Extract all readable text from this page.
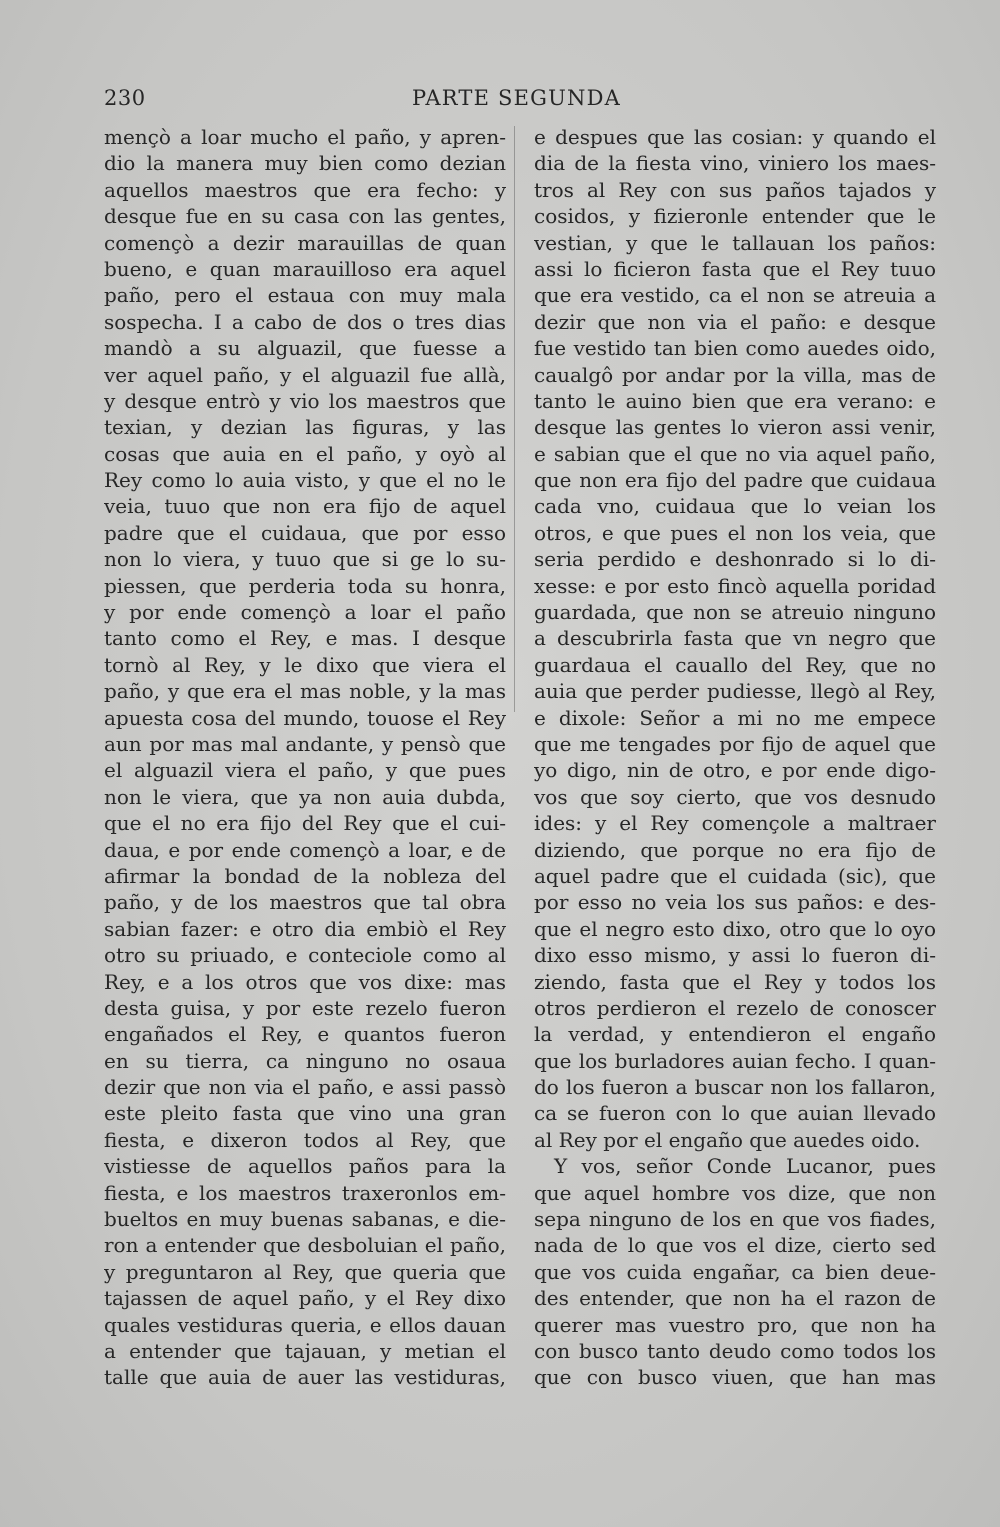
230	PARTE SEGUNDA
mençò a loar mucho el paño, y apren-
dio la manera muy bien como dezian
aquellos maestros que era fecho: y
desque fue en su casa con las gentes,
començò a dezir marauillas de quan
bueno, e quan marauilloso era aquel
paño, pero el estaua con muy mala
sospecha. I a cabo de dos o tres dias
mandò a su alguazil, que fuesse a
ver aquel paño, y el alguazil fue allà,
y desque entrò y vio los maestros que
texian, y dezian las figuras, y las
cosas que auia en el paño, y oyò al
Rey como lo auia visto, y que el no le
veia, tuuo que non era fijo de aquel
padre que el cuidaua, que por esso
non lo viera, y tuuo que si ge lo su-
piessen, que perderia toda su honra,
y por ende començò a loar el paño
tanto como el Rey, e mas. I desque
tornò al Rey, y le dixo que viera el
paño, y que era el mas noble, y la mas
apuesta cosa del mundo, touose el Rey
aun por mas mal andante, y pensò que
el alguazil viera el paño, y que pues
non le viera, que ya non auia dubda,
que el no era fijo del Rey que el cui-
daua, e por ende començò a loar, e de
afirmar la bondad de la nobleza del
paño, y de los maestros que tal obra
sabian fazer: e otro dia embiò el Rey
otro su priuado, e conteciole como al
Rey, e a los otros que vos dixe: mas
desta guisa, y por este rezelo fueron
engañados el Rey, e quantos fueron
en su tierra, ca ninguno no osaua
dezir que non via el paño, e assi passò
este pleito fasta que vino una gran
fiesta, e dixeron todos al Rey, que
vistiesse de aquellos paños para la
fiesta, e los maestros traxeronlos em-
bueltos en muy buenas sabanas, e die-
ron a entender que desboluian el paño,
y preguntaron al Rey, que queria que
tajassen de aquel paño, y el Rey dixo
quales vestiduras queria, e ellos dauan
a entender que tajauan, y metian el
talle que auia de auer las vestiduras,
e despues que las cosian: y quando el
dia de la fiesta vino, viniero los maes-
tros al Rey con sus paños tajados y
cosidos, y fizieronle entender que le
vestian, y que le tallauan los paños:
assi lo ficieron fasta que el Rey tuuo
que era vestido, ca el non se atreuia a
dezir que non via el paño: e desque
fue vestido tan bien como auedes oido,
caualgô por andar por la villa, mas de
tanto le auino bien que era verano: e
desque las gentes lo vieron assi venir,
e sabian que el que no via aquel paño,
que non era fijo del padre que cuidaua
cada vno, cuidaua que lo veian los
otros, e que pues el non los veia, que
seria perdido e deshonrado si lo di-
xesse: e por esto fincò aquella poridad
guardada, que non se atreuio ninguno
a descubrirla fasta que vn negro que
guardaua el cauallo del Rey, que no
auia que perder pudiesse, llegò al Rey,
e dixole: Señor a mi no me empece
que me tengades por fijo de aquel que
yo digo, nin de otro, e por ende digo-
vos que soy cierto, que vos desnudo
ides: y el Rey començole a maltraer
diziendo, que porque no era fijo de
aquel padre que el cuidada (sic), que
por esso no veia los sus paños: e des-
que el negro esto dixo, otro que lo oyo
dixo esso mismo, y assi lo fueron di-
ziendo, fasta que el Rey y todos los
otros perdieron el rezelo de conoscer
la verdad, y entendieron el engaño
que los burladores auian fecho. I quan-
do los fueron a buscar non los fallaron,
ca se fueron con lo que auian llevado
al Rey por el engaño que auedes oido.
Y vos, señor Conde Lucanor, pues
que aquel hombre vos dize, que non
sepa ninguno de los en que vos fiades,
nada de lo que vos el dize, cierto sed
que vos cuida engañar, ca bien deue-
des entender, que non ha el razon de
querer mas vuestro pro, que non ha
con busco tanto deudo como todos los
que con busco viuen, que han mas
